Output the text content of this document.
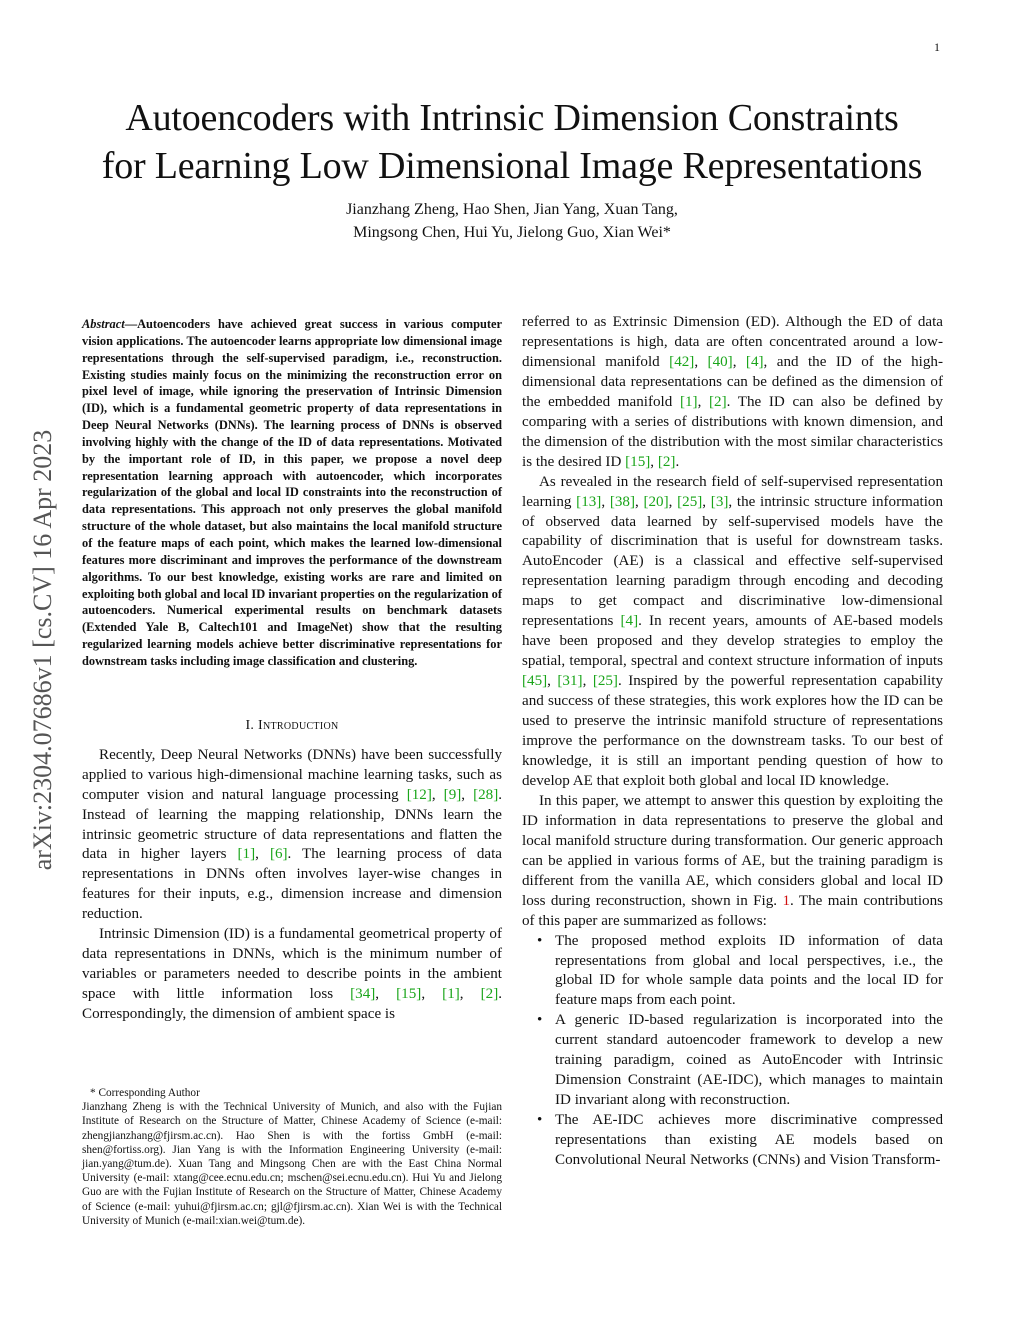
1
Autoencoders with Intrinsic Dimension Constraints
for Learning Low Dimensional Image Representations
Jianzhang Zheng, Hao Shen, Jian Yang, Xuan Tang,
Mingsong Chen, Hui Yu, Jielong Guo, Xian Wei*
arXiv:2304.07686v1 [cs.CV] 16 Apr 2023

Abstract—Autoencoders have achieved great success in various computer vision applications. The autoencoder learns appropriate low dimensional image representations through the self-supervised paradigm, i.e., reconstruction. Existing studies mainly focus on the minimizing the reconstruction error on pixel level of image, while ignoring the preservation of Intrinsic Dimension (ID), which is a fundamental geometric property of data representations in Deep Neural Networks (DNNs). The learning process of DNNs is observed involving highly with the change of the ID of data representations. Motivated by the important role of ID, in this paper, we propose a novel deep representation learning approach with autoencoder, which incorporates regularization of the global and local ID constraints into the reconstruction of data representations. This approach not only preserves the global manifold structure of the whole dataset, but also maintains the local manifold structure of the feature maps of each point, which makes the learned low-dimensional features more discriminant and improves the performance of the downstream algorithms. To our best knowledge, existing works are rare and limited on exploiting both global and local ID invariant properties on the regularization of autoencoders. Numerical experimental results on benchmark datasets (Extended Yale B, Caltech101 and ImageNet) show that the resulting regularized learning models achieve better discriminative representations for downstream tasks including image classification and clustering.

I. Introduction

Recently, Deep Neural Networks (DNNs) have been successfully applied to various high-dimensional machine learning tasks, such as computer vision and natural language processing [12], [9], [28]. Instead of learning the mapping relationship, DNNs learn the intrinsic geometric structure of data representations and flatten the data in higher layers [1], [6]. The learning process of data representations in DNNs often involves layer-wise changes in features for their inputs, e.g., dimension increase and dimension reduction.

Intrinsic Dimension (ID) is a fundamental geometrical property of data representations in DNNs, which is the minimum number of variables or parameters needed to describe points in the ambient space with little information loss [34], [15], [1], [2]. Correspondingly, the dimension of ambient space is

* Corresponding Author
Jianzhang Zheng is with the Technical University of Munich, and also with the Fujian Institute of Research on the Structure of Matter, Chinese Academy of Science (e-mail: zhengjianzhang@fjirsm.ac.cn). Hao Shen is with the fortiss GmbH (e-mail: shen@fortiss.org). Jian Yang is with the Information Engineering University (e-mail: jian.yang@tum.de). Xuan Tang and Mingsong Chen are with the East China Normal University (e-mail: xtang@cee.ecnu.edu.cn; mschen@sei.ecnu.edu.cn). Hui Yu and Jielong Guo are with the Fujian Institute of Research on the Structure of Matter, Chinese Academy of Science (e-mail: yuhui@fjirsm.ac.cn; gjl@fjirsm.ac.cn). Xian Wei is with the Technical University of Munich (e-mail:xian.wei@tum.de).

referred to as Extrinsic Dimension (ED). Although the ED of data representations is high, data are often concentrated around a low-dimensional manifold [42], [40], [4], and the ID of the high-dimensional data representations can be defined as the dimension of the embedded manifold [1], [2]. The ID can also be defined by comparing with a series of distributions with known dimension, and the dimension of the distribution with the most similar characteristics is the desired ID [15], [2].

As revealed in the research field of self-supervised representation learning [13], [38], [20], [25], [3], the intrinsic structure information of observed data learned by self-supervised models have the capability of discrimination that is useful for downstream tasks. AutoEncoder (AE) is a classical and effective self-supervised representation learning paradigm through encoding and decoding maps to get compact and discriminative low-dimensional representations [4]. In recent years, amounts of AE-based models have been proposed and they develop strategies to employ the spatial, temporal, spectral and context structure information of inputs [45], [31], [25]. Inspired by the powerful representation capability and success of these strategies, this work explores how the ID can be used to preserve the intrinsic manifold structure of representations improve the performance on the downstream tasks. To our best of knowledge, it is still an important pending question of how to develop AE that exploit both global and local ID knowledge.

In this paper, we attempt to answer this question by exploiting the ID information in data representations to preserve the global and local manifold structure during transformation. Our generic approach can be applied in various forms of AE, but the training paradigm is different from the vanilla AE, which considers global and local ID loss during reconstruction, shown in Fig. 1. The main contributions of this paper are summarized as follows:

• The proposed method exploits ID information of data representations from global and local perspectives, i.e., the global ID for whole sample data points and the local ID for feature maps from each point.
• A generic ID-based regularization is incorporated into the current standard autoencoder framework to develop a new training paradigm, coined as AutoEncoder with Intrinsic Dimension Constraint (AE-IDC), which manages to maintain ID invariant along with reconstruction.
• The AE-IDC achieves more discriminative compressed representations than existing AE models based on Convolutional Neural Networks (CNNs) and Vision Transform-
